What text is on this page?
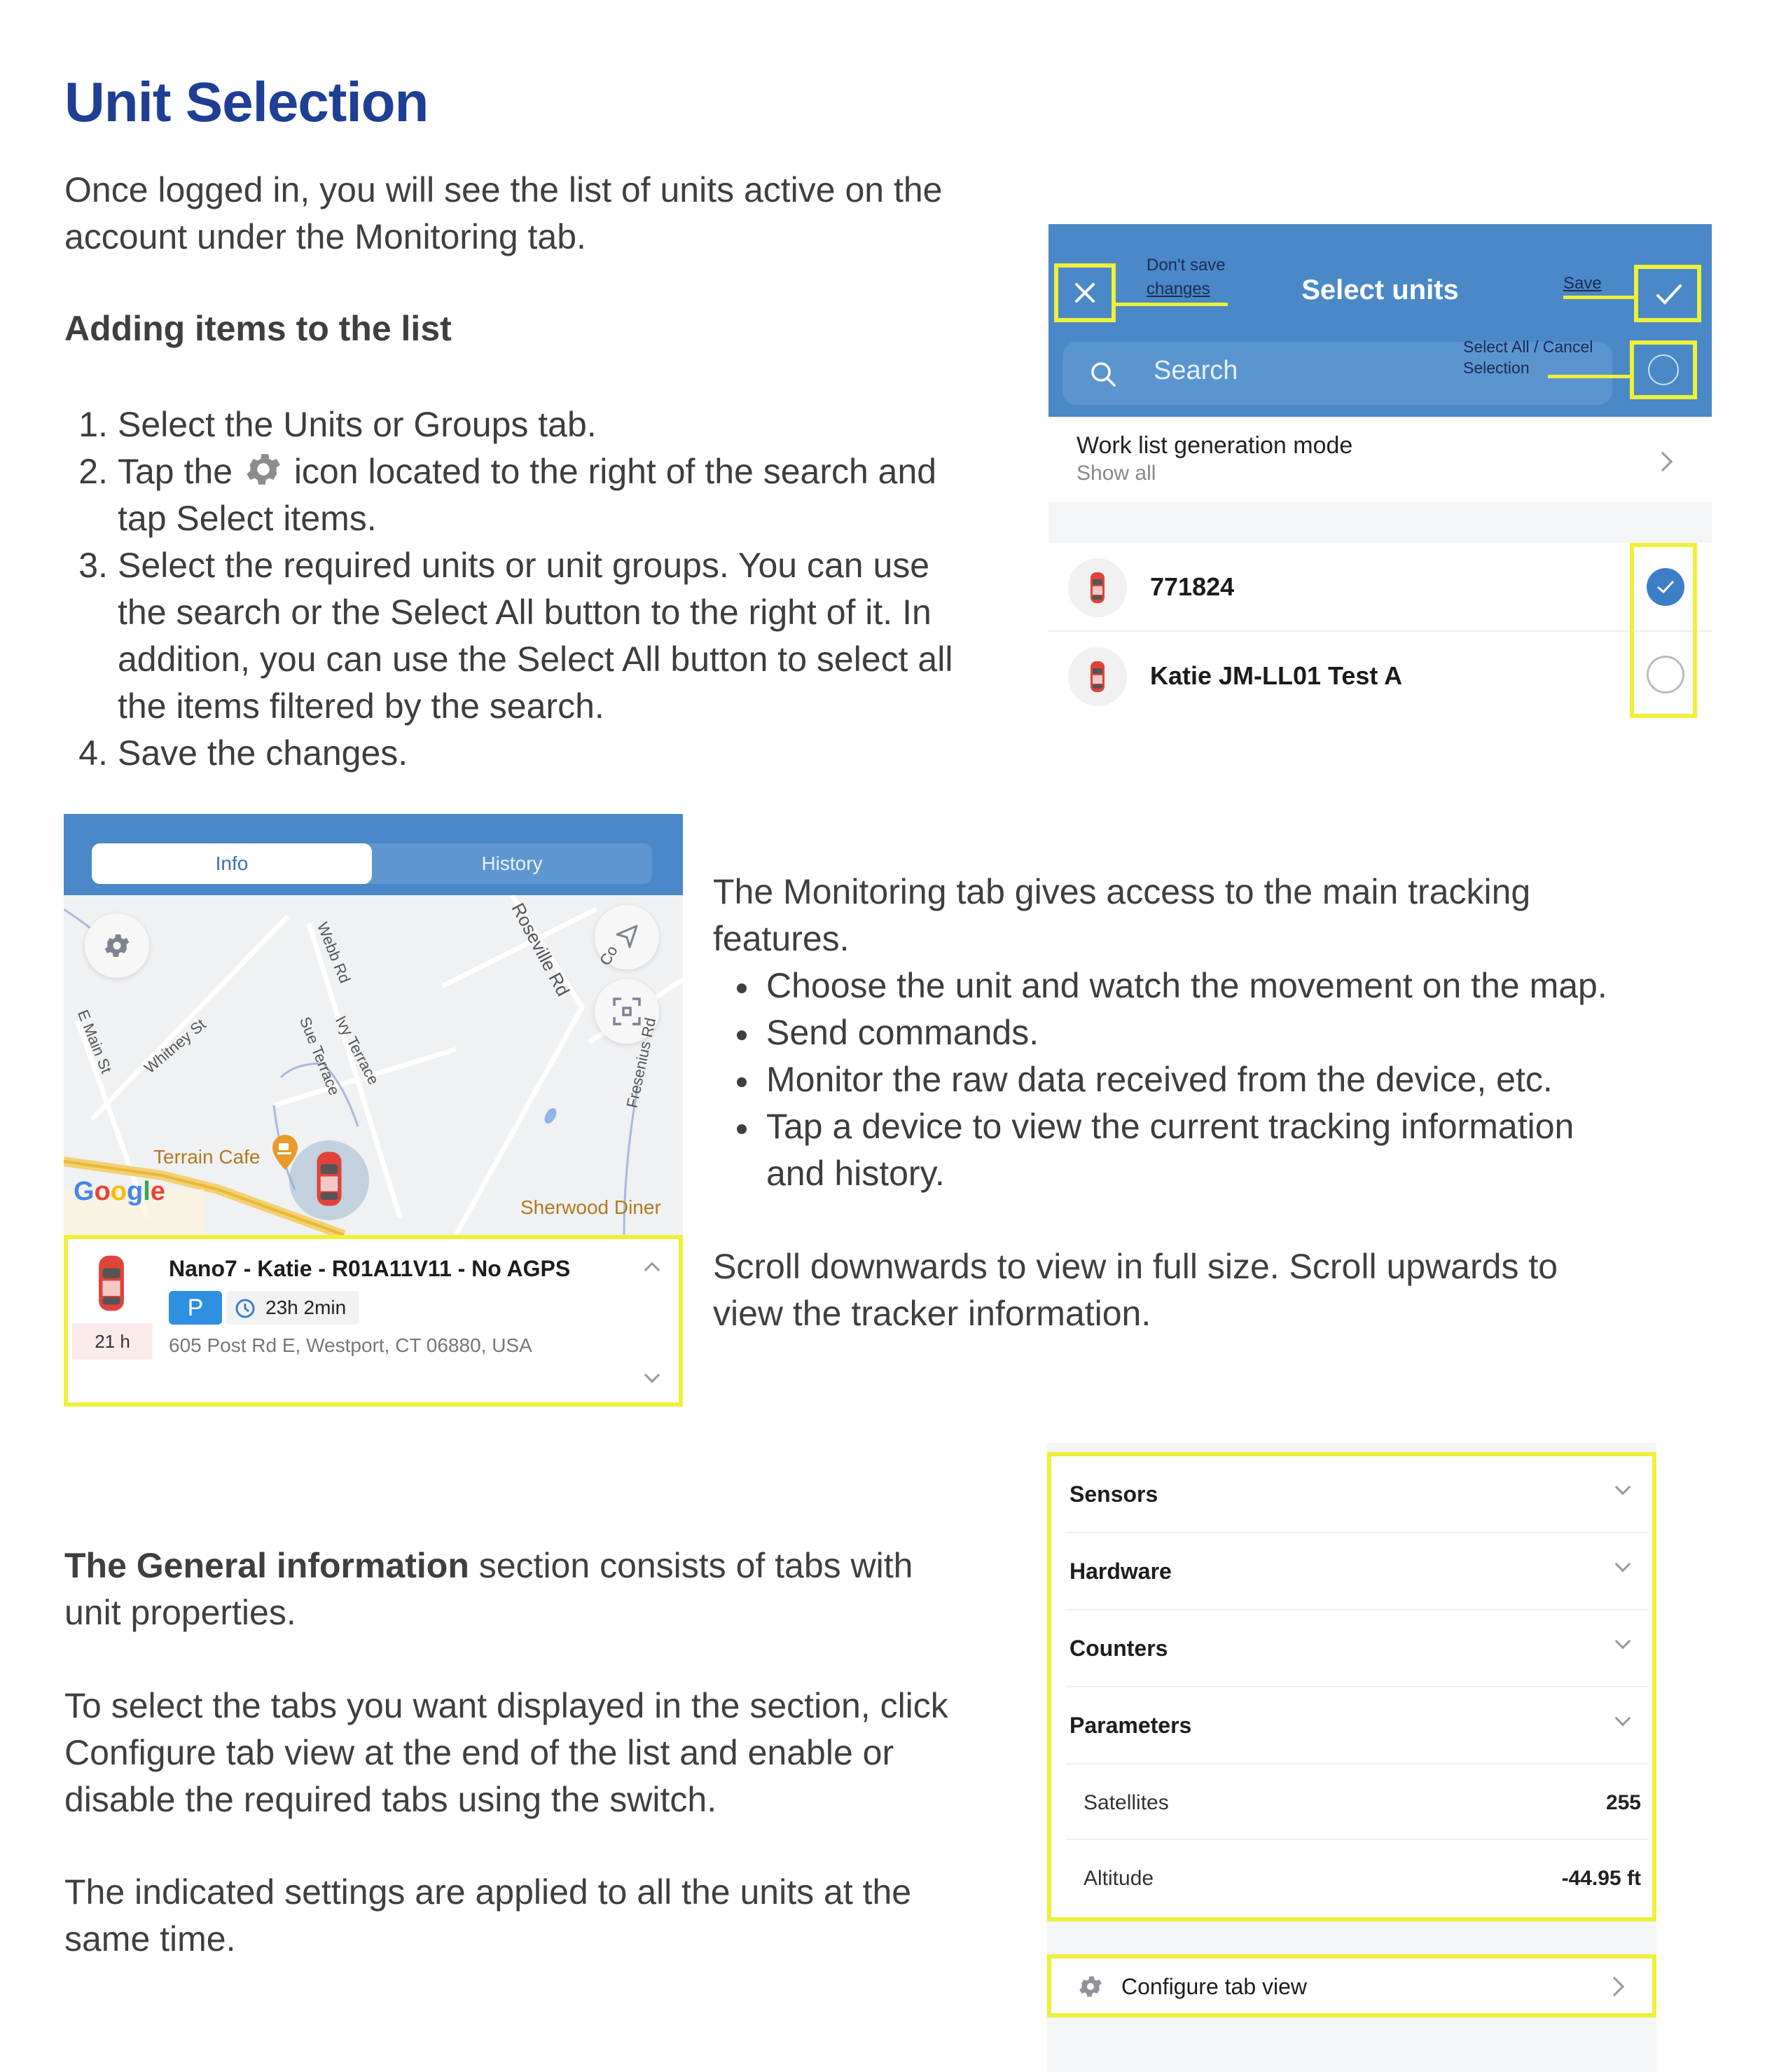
Unit Selection
Once logged in, you will see the list of units active on the
account under the Monitoring tab.
Adding items to the list
1. Select the Units or Groups tab.
2. Tap the icon located to the right of the search and
tap Select items.
3. Select the required units or unit groups. You can use
the search or the Select All button to the right of it. In
addition, you can use the Select All button to select all
the items filtered by the search.
4. Save the changes.
Select units
Don't save
changes	Save
Search
Select All / Cancel
Selection
Work list generation mode
Show all
771824
Katie JM-LL01 Test A
Info	History
Whitney St
E Main St
Webb Rd
Sue Terrace
Ivy Terrace
Roseville Rd
Fresenius Rd
Co
Terrain Cafe
Sherwood Diner
Google
21 h
Nano7 - Katie - R01A11V11 - No AGPS
P	23h 2min
605 Post Rd E, Westport, CT 06880, USA
The Monitoring tab gives access to the main tracking
features.
Choose the unit and watch the movement on the map.
Send commands.
Monitor the raw data received from the device, etc.
Tap a device to view the current tracking information
and history.
Scroll downwards to view in full size. Scroll upwards to
view the tracker information.
The General information section consists of tabs with
unit properties.
To select the tabs you want displayed in the section, click
Configure tab view at the end of the list and enable or
disable the required tabs using the switch.
The indicated settings are applied to all the units at the
same time.
Sensors
Hardware
Counters
Parameters
Satellites	255
Altitude	-44.95 ft
Configure tab view
